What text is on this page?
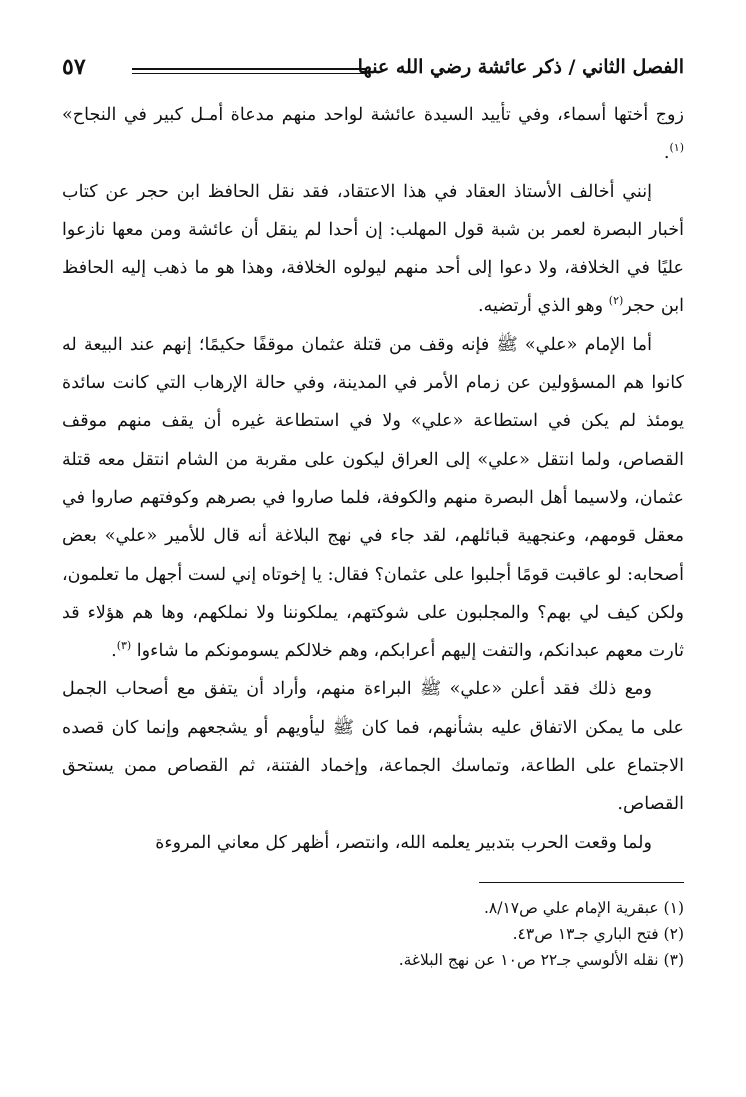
الفصل الثاني / ذكر عائشة رضي الله عنها
٥٧

زوج أختها أسماء، وفي تأييد السيدة عائشة لواحد منهم مدعاة أمـل كبير في النجاح» $^{(١)}$.

إنني أخالف الأستاذ العقاد في هذا الاعتقاد، فقد نقل الحافظ ابن حجر عن كتاب أخبار البصرة لعمر بن شبة قول المهلب: إن أحدا لم ينقل أن عائشة ومن معها نازعوا عليًا في الخلافة، ولا دعوا إلى أحد منهم ليولوه الخلافة، وهذا هو ما ذهب إليه الحافظ ابن حجر$^{(٢)}$ وهو الذي أرتضيه.

أما الإمام «علي» ﷺ فإنه وقف من قتلة عثمان موقفًا حكيمًا؛ إنهم عند البيعة له كانوا هم المسؤولين عن زمام الأمر في المدينة، وفي حالة الإرهاب التي كانت سائدة يومئذ لم يكن في استطاعة «علي» ولا في استطاعة غيره أن يقف منهم موقف القصاص، ولما انتقل «علي» إلى العراق ليكون على مقربة من الشام انتقل معه قتلة عثمان، ولاسيما أهل البصرة منهم والكوفة، فلما صاروا في بصرهم وكوفتهم صاروا في معقل قومهم، وعنجهية قبائلهم، لقد جاء في نهج البلاغة أنه قال للأمير «علي» بعض أصحابه: لو عاقبت قومًا أجلبوا على عثمان؟ فقال: يا إخوتاه إني لست أجهل ما تعلمون، ولكن كيف لي بهم؟ والمجلبون على شوكتهم، يملكوننا ولا نملكهم، وها هم هؤلاء قد ثارت معهم عبدانكم، والتفت إليهم أعرابكم، وهم خلالكم يسومونكم ما شاءوا $^{(٣)}$.

ومع ذلك فقد أعلن «علي» ﷺ البراءة منهم، وأراد أن يتفق مع أصحاب الجمل على ما يمكن الاتفاق عليه بشأنهم، فما كان ﷺ ليأويهم أو يشجعهم وإنما كان قصده الاجتماع على الطاعة، وتماسك الجماعة، وإخماد الفتنة، ثم القصاص ممن يستحق القصاص.

ولما وقعت الحرب بتدبير يعلمه الله، وانتصر، أظهر كل معاني المروءة

(١) عبقرية الإمام علي ص٨/١٧.
(٢) فتح الباري جـ١٣ ص٤٣.
(٣) نقله الألوسي جـ٢٢ ص١٠ عن نهج البلاغة.
